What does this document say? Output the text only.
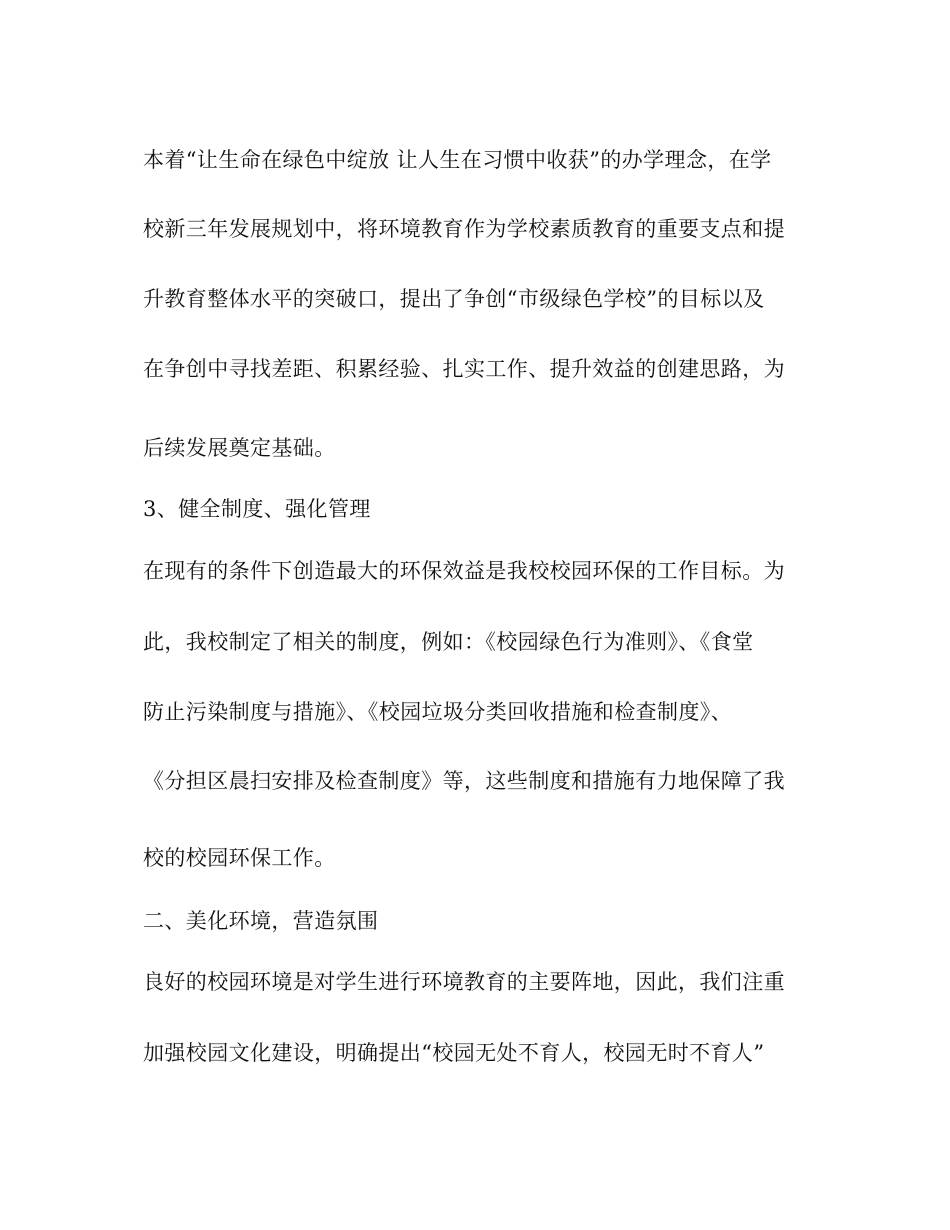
本着“让生命在绿色中绽放 让人生在习惯中收获”的办学理念，在学
校新三年发展规划中，将环境教育作为学校素质教育的重要支点和提
升教育整体水平的突破口，提出了争创“市级绿色学校”的目标以及
在争创中寻找差距、积累经验、扎实工作、提升效益的创建思路，为
后续发展奠定基础。
3、健全制度、强化管理
在现有的条件下创造最大的环保效益是我校校园环保的工作目标。为
此，我校制定了相关的制度，例如：《校园绿色行为准则》、《食堂
防止污染制度与措施》、《校园垃圾分类回收措施和检查制度》、
《分担区晨扫安排及检查制度》等，这些制度和措施有力地保障了我
校的校园环保工作。
二、美化环境，营造氛围
良好的校园环境是对学生进行环境教育的主要阵地，因此，我们注重
加强校园文化建设，明确提出“校园无处不育人，校园无时不育人”
